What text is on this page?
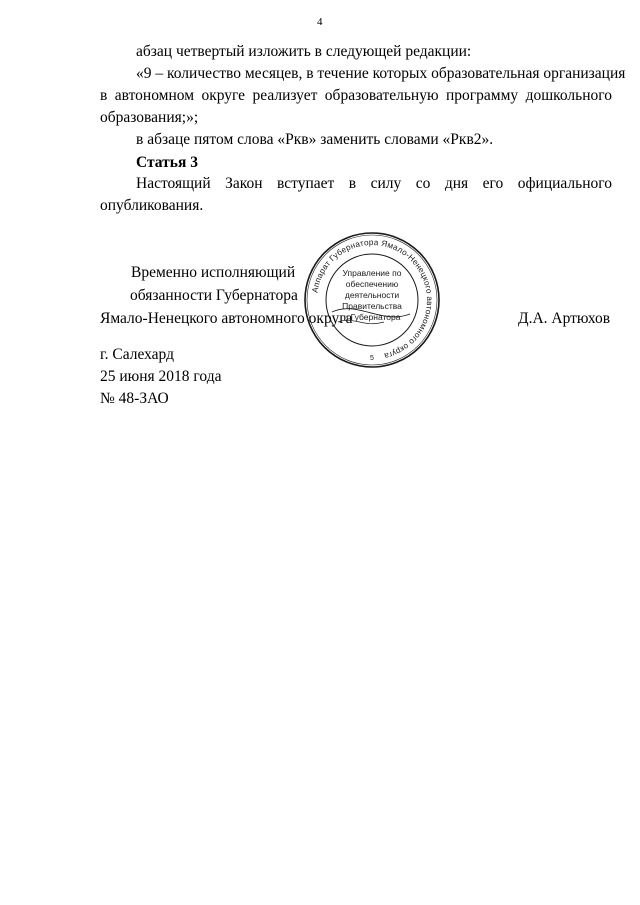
4
абзац четвертый изложить в следующей редакции:
«9 – количество месяцев, в течение которых образовательная организация
в автономном округе реализует образовательную программу дошкольного
образования;»;
в абзаце пятом слова «Ркв» заменить словами «Ркв2».
Статья 3
Настоящий Закон вступает в силу со дня его официального
опубликования.
Временно исполняющий
обязанности Губернатора
Ямало-Ненецкого автономного округа	Д.А. Артюхов
Аппарат Губернатора Ямало-Ненецкого автономного округа
Управление по
обеспечению
деятельности
Правительства
и Губернатора
5
г. Салехард
25 июня 2018 года
№ 48-ЗАО
